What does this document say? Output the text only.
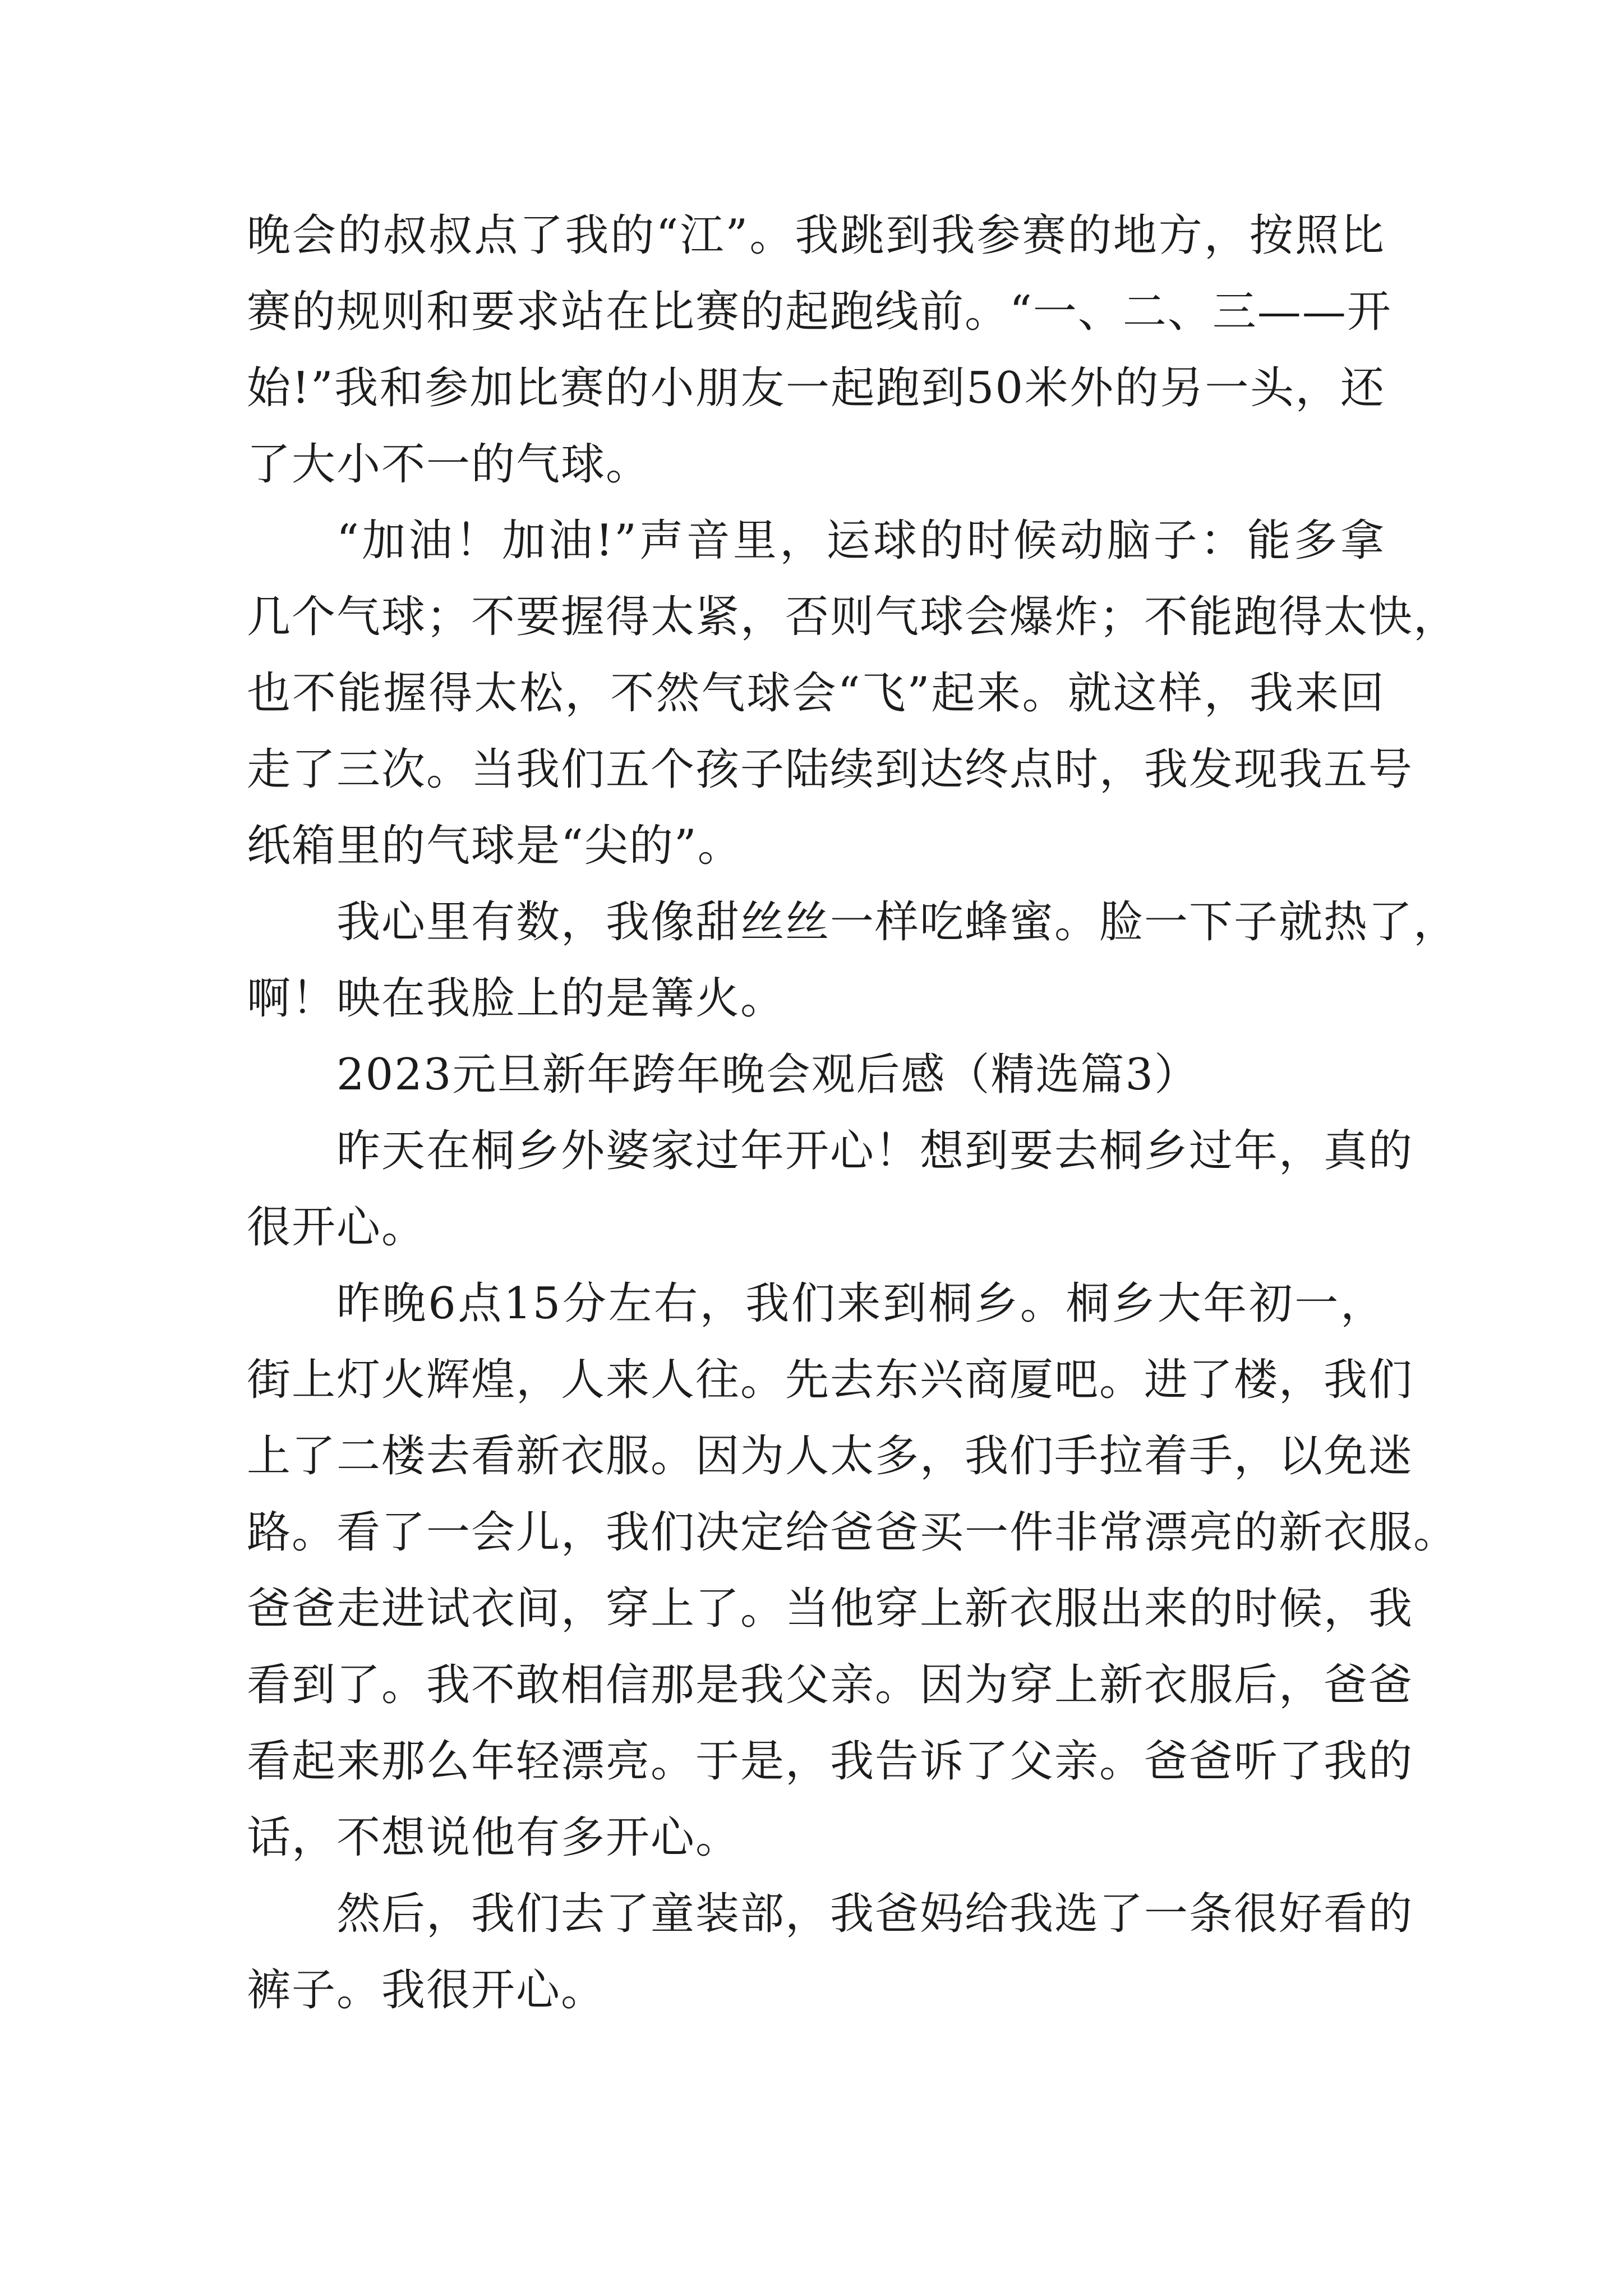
晚会的叔叔点了我的“江”。我跳到我参赛的地方，按照比
赛的规则和要求站在比赛的起跑线前。“一、二、三——开
始!”我和参加比赛的小朋友一起跑到50米外的另一头，还
了大小不一的气球。
“加油！加油!”声音里，运球的时候动脑子：能多拿
几个气球；不要握得太紧，否则气球会爆炸；不能跑得太快，
也不能握得太松，不然气球会“飞”起来。就这样，我来回
走了三次。当我们五个孩子陆续到达终点时，我发现我五号
纸箱里的气球是“尖的”。
我心里有数，我像甜丝丝一样吃蜂蜜。脸一下子就热了，
啊！映在我脸上的是篝火。
2023元旦新年跨年晚会观后感（精选篇3）
昨天在桐乡外婆家过年开心！想到要去桐乡过年，真的
很开心。
昨晚6点15分左右，我们来到桐乡。桐乡大年初一，
街上灯火辉煌，人来人往。先去东兴商厦吧。进了楼，我们
上了二楼去看新衣服。因为人太多，我们手拉着手，以免迷
路。看了一会儿，我们决定给爸爸买一件非常漂亮的新衣服。
爸爸走进试衣间，穿上了。当他穿上新衣服出来的时候，我
看到了。我不敢相信那是我父亲。因为穿上新衣服后，爸爸
看起来那么年轻漂亮。于是，我告诉了父亲。爸爸听了我的
话，不想说他有多开心。
然后，我们去了童装部，我爸妈给我选了一条很好看的
裤子。我很开心。
